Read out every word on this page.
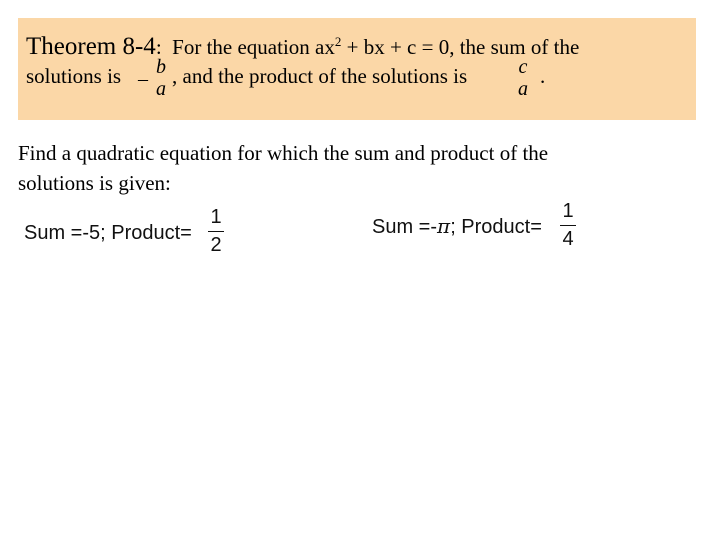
Theorem 8-4: For the equation $ax^2$ + bx + c = 0, the sum of the
solutions is –
b
a
, and the product of the solutions is	c
a
.
Find a quadratic equation for which the sum and product of the solutions is given:
Sum =-5; Product=
1
2
Sum =-π; Product=
1
4
